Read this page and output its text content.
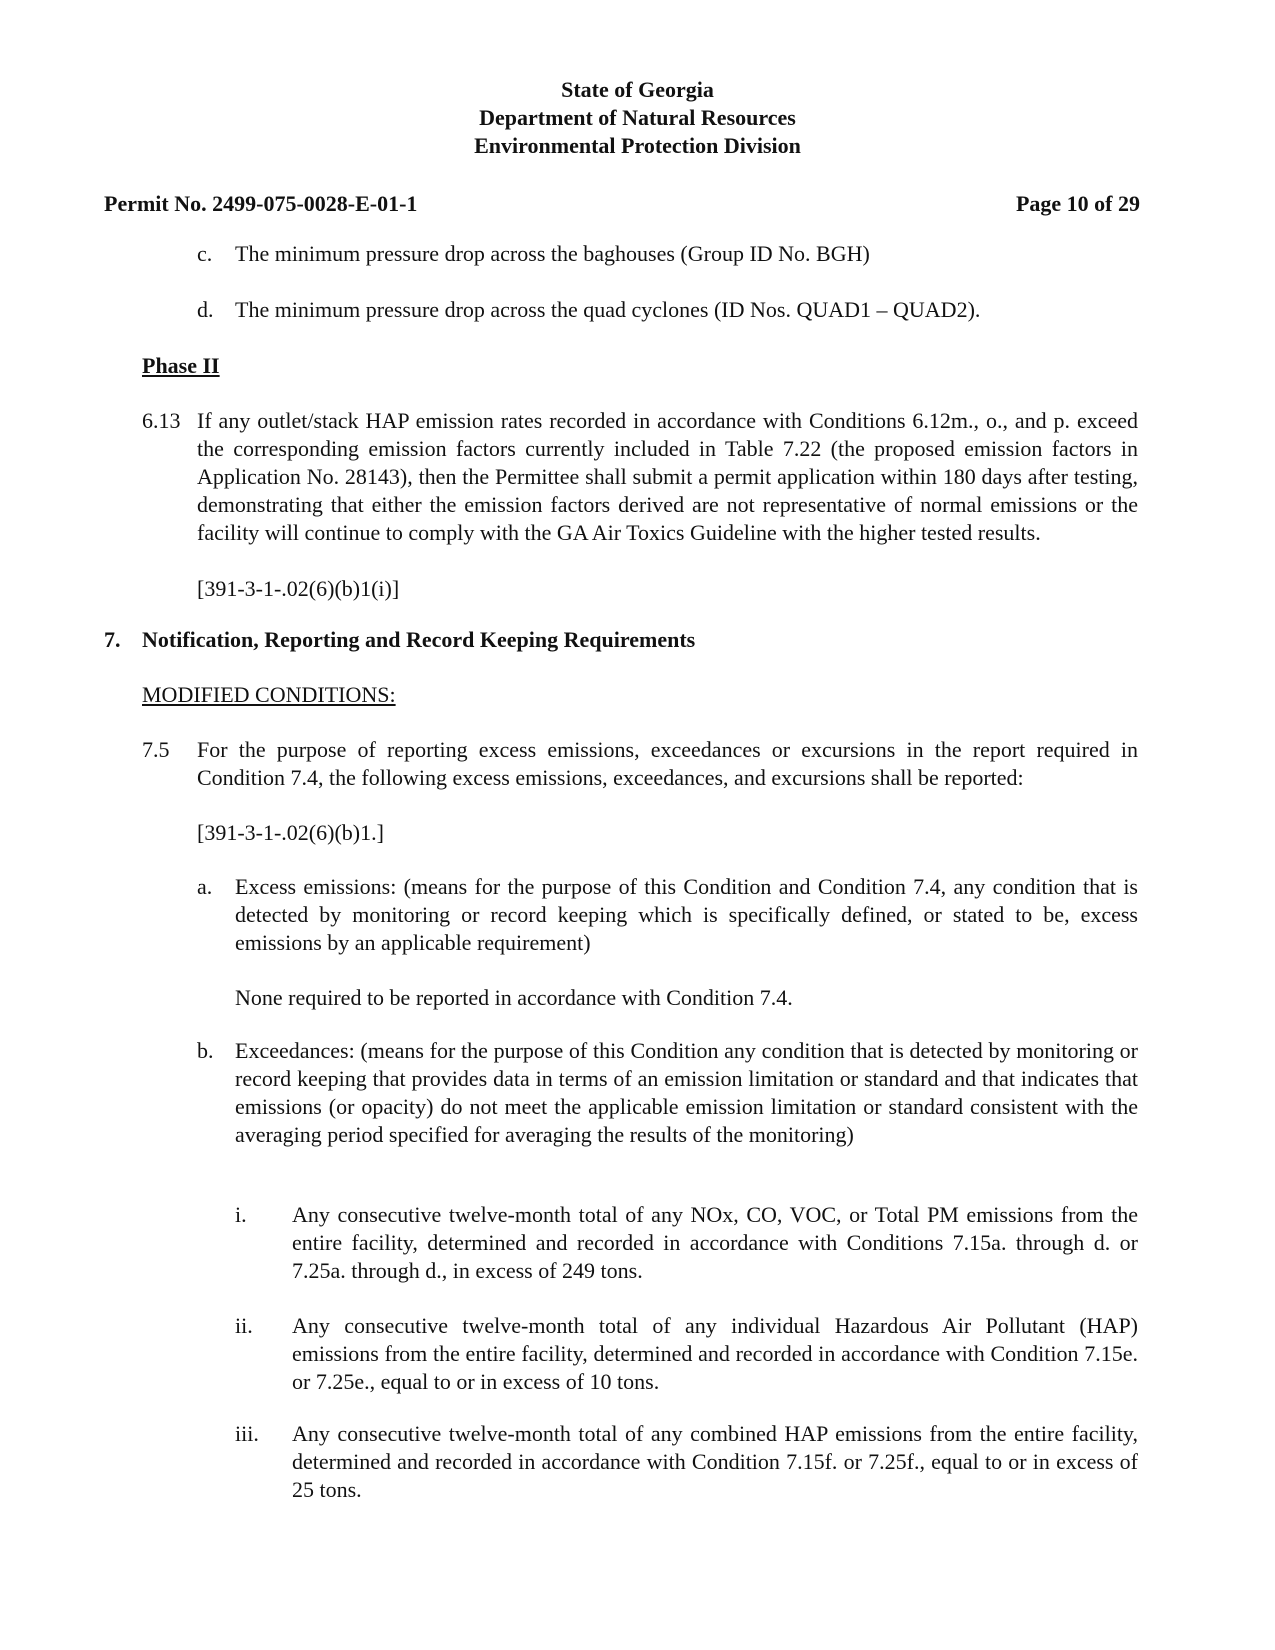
State of Georgia
Department of Natural Resources
Environmental Protection Division
Permit No. 2499-075-0028-E-01-1	Page 10 of 29
c. The minimum pressure drop across the baghouses (Group ID No. BGH)
d. The minimum pressure drop across the quad cyclones (ID Nos. QUAD1 – QUAD2).
Phase II
6.13 If any outlet/stack HAP emission rates recorded in accordance with Conditions 6.12m., o., and p. exceed the corresponding emission factors currently included in Table 7.22 (the proposed emission factors in Application No. 28143), then the Permittee shall submit a permit application within 180 days after testing, demonstrating that either the emission factors derived are not representative of normal emissions or the facility will continue to comply with the GA Air Toxics Guideline with the higher tested results.
[391-3-1-.02(6)(b)1(i)]
7. Notification, Reporting and Record Keeping Requirements
MODIFIED CONDITIONS:
7.5 For the purpose of reporting excess emissions, exceedances or excursions in the report required in Condition 7.4, the following excess emissions, exceedances, and excursions shall be reported:
[391-3-1-.02(6)(b)1.]
a. Excess emissions: (means for the purpose of this Condition and Condition 7.4, any condition that is detected by monitoring or record keeping which is specifically defined, or stated to be, excess emissions by an applicable requirement)
None required to be reported in accordance with Condition 7.4.
b. Exceedances: (means for the purpose of this Condition any condition that is detected by monitoring or record keeping that provides data in terms of an emission limitation or standard and that indicates that emissions (or opacity) do not meet the applicable emission limitation or standard consistent with the averaging period specified for averaging the results of the monitoring)
i. Any consecutive twelve-month total of any NOx, CO, VOC, or Total PM emissions from the entire facility, determined and recorded in accordance with Conditions 7.15a. through d. or 7.25a. through d., in excess of 249 tons.
ii. Any consecutive twelve-month total of any individual Hazardous Air Pollutant (HAP) emissions from the entire facility, determined and recorded in accordance with Condition 7.15e. or 7.25e., equal to or in excess of 10 tons.
iii. Any consecutive twelve-month total of any combined HAP emissions from the entire facility, determined and recorded in accordance with Condition 7.15f. or 7.25f., equal to or in excess of 25 tons.
